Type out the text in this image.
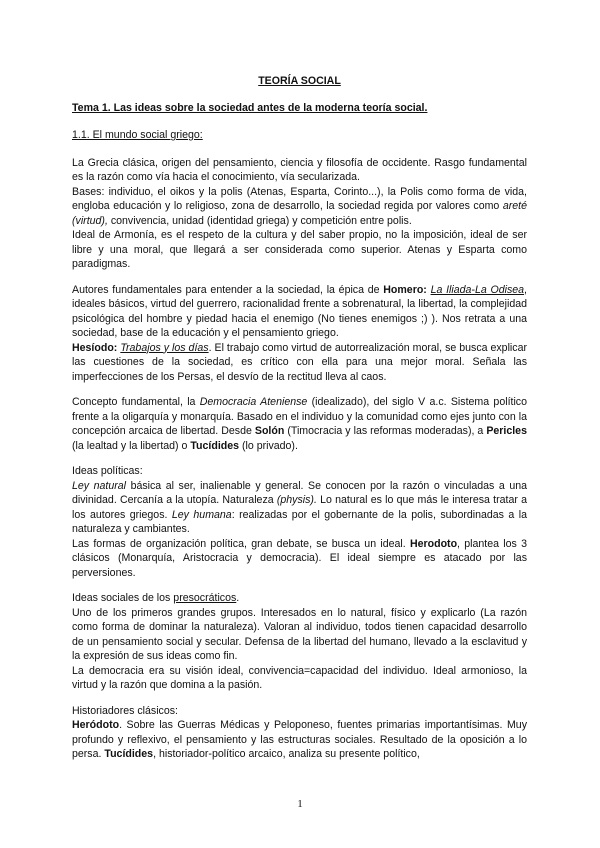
TEORÍA SOCIAL
Tema 1. Las ideas sobre la sociedad antes de la moderna teoría social.
1.1. El mundo social griego:

La Grecia clásica, origen del pensamiento, ciencia y filosofía de occidente. Rasgo fundamental es la razón como vía hacia el conocimiento, vía secularizada.

Bases: individuo, el oikos y la polis (Atenas, Esparta, Corinto...), la Polis como forma de vida, engloba educación y lo religioso, zona de desarrollo, la sociedad regida por valores como areté (virtud), convivencia, unidad (identidad griega) y competición entre polis.

Ideal de Armonía, es el respeto de la cultura y del saber propio, no la imposición, ideal de ser libre y una moral, que llegará a ser considerada como superior. Atenas y Esparta como paradigmas.

Autores fundamentales para entender a la sociedad, la épica de Homero: La Iliada-La Odisea, ideales básicos, virtud del guerrero, racionalidad frente a sobrenatural, la libertad, la complejidad psicológica del hombre y piedad hacia el enemigo (No tienes enemigos ;) ). Nos retrata a una sociedad, base de la educación y el pensamiento griego.

Hesíodo: Trabajos y los días. El trabajo como virtud de autorrealización moral, se busca explicar las cuestiones de la sociedad, es crítico con ella para una mejor moral. Señala las imperfecciones de los Persas, el desvío de la rectitud lleva al caos.

Concepto fundamental, la Democracia Ateniense (idealizado), del siglo V a.c. Sistema político frente a la oligarquía y monarquía. Basado en el individuo y la comunidad como ejes junto con la concepción arcaica de libertad. Desde Solón (Timocracia y las reformas moderadas), a Pericles (la lealtad y la libertad) o Tucídides (lo privado).

Ideas políticas:

Ley natural básica al ser, inalienable y general. Se conocen por la razón o vinculadas a una divinidad. Cercanía a la utopía. Naturaleza (physis). Lo natural es lo que más le interesa tratar a los autores griegos. Ley humana: realizadas por el gobernante de la polis, subordinadas a la naturaleza y cambiantes.

Las formas de organización política, gran debate, se busca un ideal. Herodoto, plantea los 3 clásicos (Monarquía, Aristocracia y democracia). El ideal siempre es atacado por las perversiones.

Ideas sociales de los presocráticos.

Uno de los primeros grandes grupos. Interesados en lo natural, físico y explicarlo (La razón como forma de dominar la naturaleza). Valoran al individuo, todos tienen capacidad desarrollo de un pensamiento social y secular. Defensa de la libertad del humano, llevado a la esclavitud y la expresión de sus ideas como fin.

La democracia era su visión ideal, convivencia=capacidad del individuo. Ideal armonioso, la virtud y la razón que domina a la pasión.

Historiadores clásicos:

Heródoto. Sobre las Guerras Médicas y Peloponeso, fuentes primarias importantísimas. Muy profundo y reflexivo, el pensamiento y las estructuras sociales. Resultado de la oposición a lo persa. Tucídides, historiador-político arcaico, analiza su presente político,

1
